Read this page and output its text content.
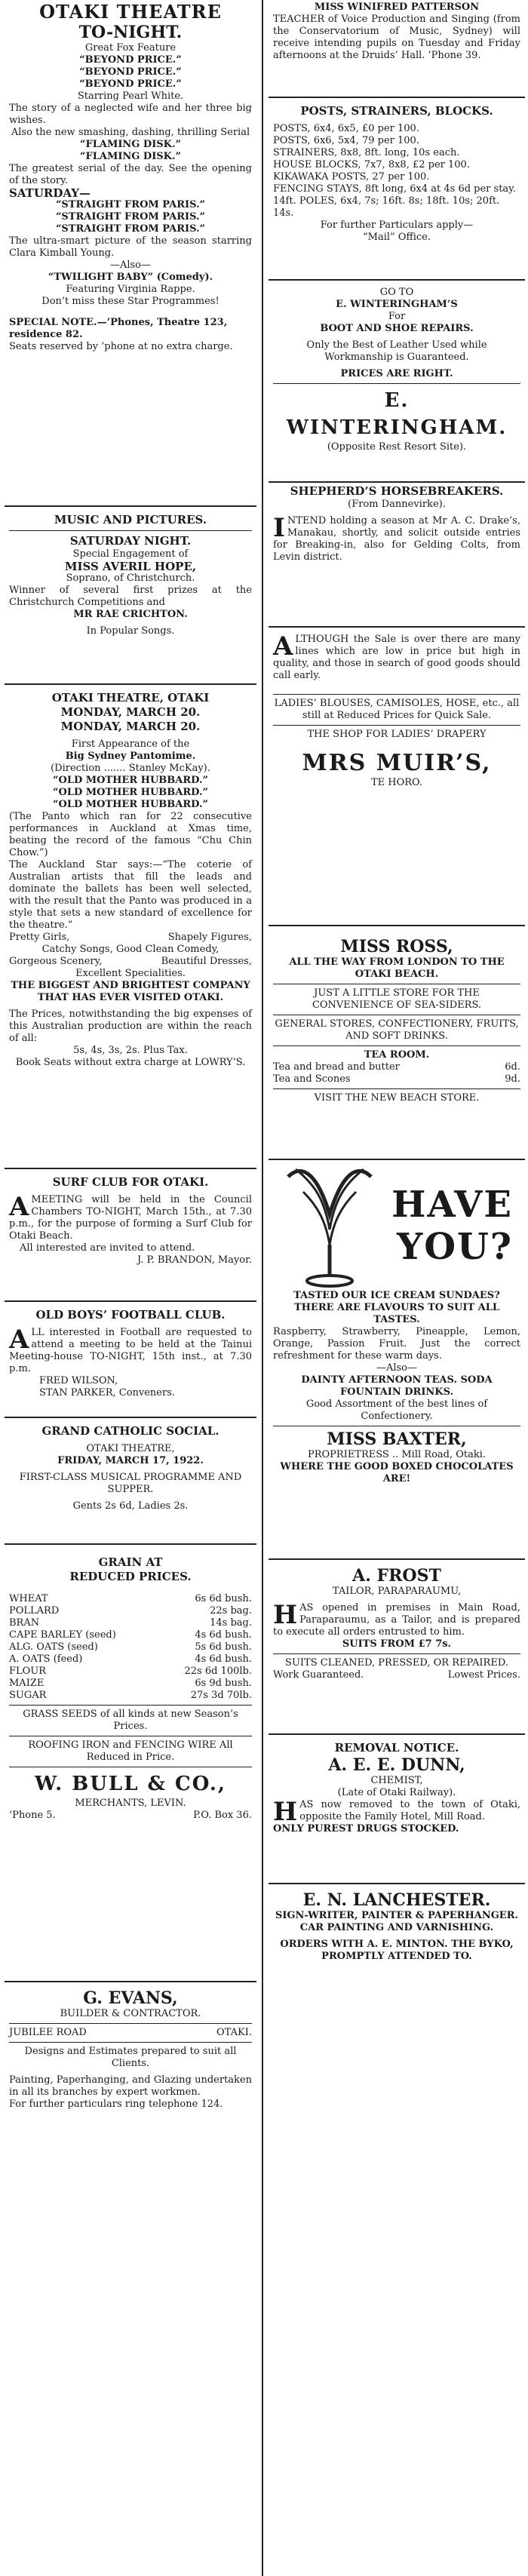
OTAKI THEATRE
TO-NIGHT.

Great Fox Feature

“BEYOND PRICE.”

“BEYOND PRICE.”

“BEYOND PRICE.”

Starring Pearl White.

The story of a neglected wife and her three big wishes.

Also the new smashing, dashing, thrilling Serial

“FLAMING DISK.”

“FLAMING DISK.”

The greatest serial of the day. See the opening of the story.

SATURDAY—

“STRAIGHT FROM PARIS.”

“STRAIGHT FROM PARIS.”

“STRAIGHT FROM PARIS.”

The ultra-smart picture of the season starring Clara Kimball Young.

—Also—

“TWILIGHT BABY” (Comedy).

Featuring Virginia Rappe.

Don’t miss these Star Programmes!

SPECIAL NOTE.—’Phones, Theatre 123, residence 82.

Seats reserved by ’phone at no extra charge.

MUSIC AND PICTURES.
SATURDAY NIGHT.

Special Engagement of

MISS AVERIL HOPE,

Soprano, of Christchurch.

Winner of several first prizes at the Christchurch Competitions and

MR RAE CRICHTON.

In Popular Songs.

OTAKI THEATRE, OTAKI
MONDAY, MARCH 20.
MONDAY, MARCH 20.

First Appearance of the

Big Sydney Pantomime.

(Direction ....... Stanley McKay).

“OLD MOTHER HUBBARD.”

“OLD MOTHER HUBBARD.”

“OLD MOTHER HUBBARD.”

(The Panto which ran for 22 consecutive performances in Auckland at Xmas time, beating the record of the famous “Chu Chin Chow.”)

The Auckland Star says:—“The coterie of Australian artists that fill the leads and dominate the ballets has been well selected, with the result that the Panto was produced in a style that sets a new standard of excellence for the theatre.”

Pretty Girls,	Shapely Figures,

Catchy Songs, Good Clean Comedy,

Gorgeous Scenery,	Beautiful Dresses,

Excellent Specialities.

THE BIGGEST AND BRIGHTEST COMPANY THAT HAS EVER VISITED OTAKI.

The Prices, notwithstanding the big expenses of this Australian production are within the reach of all:

5s, 4s, 3s, 2s. Plus Tax.

Book Seats without extra charge at LOWRY’S.

SURF CLUB FOR OTAKI.

AMEETING will be held in the Council Chambers TO-NIGHT, March 15th., at 7.30 p.m., for the purpose of forming a Surf Club for Otaki Beach.

All interested are invited to attend.

J. P. BRANDON, Mayor.

OLD BOYS’ FOOTBALL CLUB.

ALL interested in Football are requested to attend a meeting to be held at the Tainui Meeting-house TO-NIGHT, 15th inst., at 7.30 p.m.

FRED WILSON,

STAN PARKER, Conveners.

GRAND CATHOLIC SOCIAL.

OTAKI THEATRE,

FRIDAY, MARCH 17, 1922.

FIRST-CLASS MUSICAL PROGRAMME AND SUPPER.

Gents 2s 6d, Ladies 2s.

GRAIN AT
REDUCED PRICES.
WHEAT	6s 6d bush.
POLLARD	22s bag.
BRAN	14s bag.
CAPE BARLEY (seed)	4s 6d bush.
ALG. OATS (seed)	5s 6d bush.
A. OATS (feed)	4s 6d bush.
FLOUR	22s 6d 100lb.
MAIZE	6s 9d bush.
SUGAR	27s 3d 70lb.

GRASS SEEDS of all kinds at new Season’s Prices.

ROOFING IRON and FENCING WIRE All Reduced in Price.

W. BULL & CO.,

MERCHANTS, LEVIN.

’Phone 5.	P.O. Box 36.
G. EVANS,

BUILDER & CONTRACTOR.

JUBILEE ROAD	OTAKI.

Designs and Estimates prepared to suit all Clients.

Painting, Paperhanging, and Glazing undertaken in all its branches by expert workmen.

For further particulars ring telephone 124.

MISS WINIFRED PATTERSON

TEACHER of Voice Production and Singing (from the Conservatorium of Music, Sydney) will receive intending pupils on Tuesday and Friday afternoons at the Druids’ Hall. ’Phone 39.

POSTS, STRAINERS, BLOCKS.

POSTS, 6x4, 6x5, £0 per 100.

POSTS, 6x6, 5x4, 79 per 100.

STRAINERS, 8x8, 8ft. long, 10s each.

HOUSE BLOCKS, 7x7, 8x8, £2 per 100.

KIKAWAKA POSTS, 27 per 100.

FENCING STAYS, 8ft long, 6x4 at 4s 6d per stay.

14ft. POLES, 6x4, 7s; 16ft. 8s; 18ft. 10s; 20ft. 14s.

For further Particulars apply—

“Mail” Office.

GO TO

E. WINTERINGHAM’S

For

BOOT AND SHOE REPAIRS.

Only the Best of Leather Used while Workmanship is Guaranteed.

PRICES ARE RIGHT.

E. WINTERINGHAM.

(Opposite Rest Resort Site).

SHEPHERD’S HORSEBREAKERS.

(From Dannevirke).

INTEND holding a season at Mr A. C. Drake’s, Manakau, shortly, and solicit outside entries for Breaking-in, also for Gelding Colts, from Levin district.

ALTHOUGH the Sale is over there are many lines which are low in price but high in quality, and those in search of good goods should call early.

LADIES’ BLOUSES, CAMISOLES, HOSE, etc., all still at Reduced Prices for Quick Sale.

THE SHOP FOR LADIES’ DRAPERY

MRS MUIR’S,

TE HORO.

MISS ROSS,

ALL THE WAY FROM LONDON TO THE OTAKI BEACH.

JUST A LITTLE STORE FOR THE CONVENIENCE OF SEA-SIDERS.

GENERAL STORES, CONFECTIONERY, FRUITS, AND SOFT DRINKS.

TEA ROOM.

Tea and bread and butter	6d.
Tea and Scones	9d.

VISIT THE NEW BEACH STORE.

HAVE
YOU?

TASTED OUR ICE CREAM SUNDAES? THERE ARE FLAVOURS TO SUIT ALL TASTES.

Raspberry, Strawberry, Pineapple, Lemon, Orange, Passion Fruit. Just the correct refreshment for these warm days.

—Also—

DAINTY AFTERNOON TEAS. SODA FOUNTAIN DRINKS.

Good Assortment of the best lines of Confectionery.

MISS BAXTER,

PROPRIETRESS .. Mill Road, Otaki.

WHERE THE GOOD BOXED CHOCOLATES ARE!

A. FROST

TAILOR, PARAPARAUMU,

HAS opened in premises in Main Road, Paraparaumu, as a Tailor, and is prepared to execute all orders entrusted to him.

SUITS FROM £7 7s.

SUITS CLEANED, PRESSED, OR REPAIRED.

Work Guaranteed.	Lowest Prices.
REMOVAL NOTICE.
A. E. E. DUNN,

CHEMIST,

(Late of Otaki Railway).

HAS now removed to the town of Otaki, opposite the Family Hotel, Mill Road.

ONLY PUREST DRUGS STOCKED.

E. N. LANCHESTER.

SIGN-WRITER, PAINTER & PAPERHANGER.

CAR PAINTING AND VARNISHING.

ORDERS WITH A. E. MINTON. THE BYKO, PROMPTLY ATTENDED TO.
